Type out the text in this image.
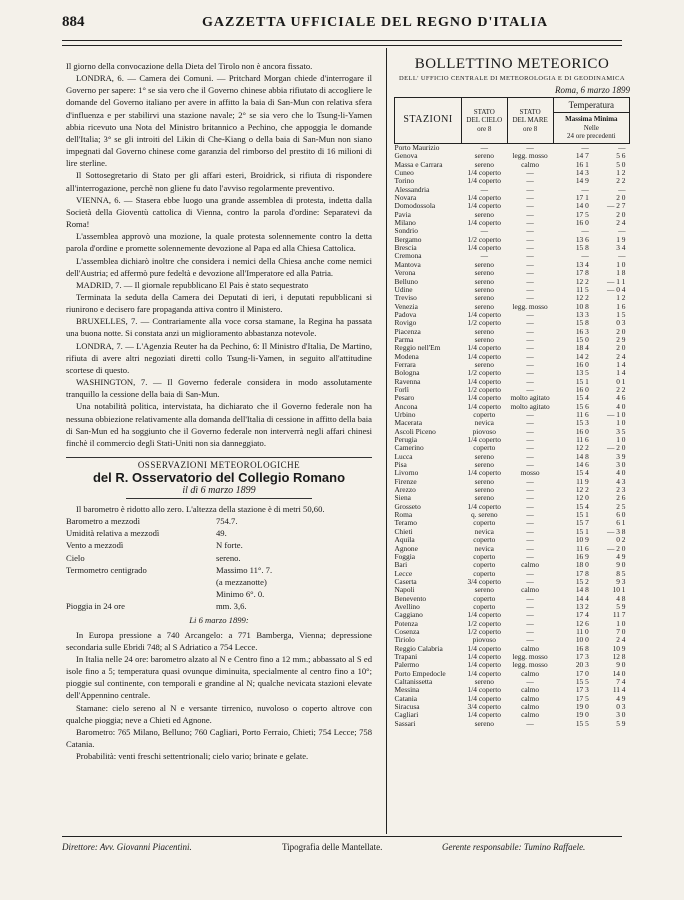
884	GAZZETTA UFFICIALE DEL REGNO D'ITALIA

Il giorno della convocazione della Dieta del Tirolo non è ancora fissato.

LONDRA, 6. — Camera dei Comuni. — Pritchard Morgan chiede d'interrogare il Governo per sapere: 1° se sia vero che il Governo chinese abbia rifiutato di accogliere le domande del Governo italiano per avere in affitto la baia di San-Mun con relativa sfera d'influenza e per stabilirvi una stazione navale; 2° se sia vero che lo Tsung-li-Yamen abbia ricevuto una Nota del Ministro britannico a Pechino, che appoggia le domande dell'Italia; 3° se gli introiti del Likin di Che-Kiang o della baia di San-Mun non siano impegnati dal Governo chinese come garanzia del rimborso del prestito di 16 milioni di lire sterline.

Il Sottosegretario di Stato per gli affari esteri, Broidrick, si rifiuta di rispondere all'interrogazione, perchè non gliene fu dato l'avviso regolarmente preventivo.

VIENNA, 6. — Stasera ebbe luogo una grande assemblea di protesta, indetta dalla Società della Gioventù cattolica di Vienna, contro la parola d'ordine: Separatevi da Roma!

L'assemblea approvò una mozione, la quale protesta solennemente contro la detta parola d'ordine e promette solennemente devozione al Papa ed alla Chiesa Cattolica.

L'assemblea dichiarò inoltre che considera i nemici della Chiesa anche come nemici dell'Austria; ed affermò pure fedeltà e devozione all'Imperatore ed alla Patria.

MADRID, 7. — Il giornale repubblicano El Pais è stato sequestrato

Terminata la seduta della Camera dei Deputati di ieri, i deputati repubblicani si riunirono e decisero fare propaganda attiva contro il Ministero.

BRUXELLES, 7. — Contrariamente alla voce corsa stamane, la Regina ha passata una buona notte. Si constata anzi un miglioramento abbastanza notevole.

LONDRA, 7. — L'Agenzia Reuter ha da Pechino, 6: Il Ministro d'Italia, De Martino, rifiuta di avere altri negoziati diretti collo Tsung-li-Yamen, in seguito all'attitudine scortese di questo.

WASHINGTON, 7. — Il Governo federale considera in modo assolutamente tranquillo la cessione della baia di San-Mun.

Una notabilità politica, intervistata, ha dichiarato che il Governo federale non ha nessuna obbiezione relativamente alla domanda dell'Italia di cessione in affitto della baia di San-Mun ed ha soggiunto che il Governo federale non interverrà negli affari chinesi finchè il commercio degli Stati-Uniti non sia danneggiato.

OSSERVAZIONI METEOROLOGICHE
del R. Osservatorio del Collegio Romano
il dì 6 marzo 1899

Il barometro è ridotto allo zero. L'altezza della stazione è di metri 50,60.

Barometro a mezzodì	754.7.
Umidità relativa a mezzodì	49.
Vento a mezzodì	N forte.
Cielo	sereno.
Termometro centigrado	Massimo 11°. 7.
(a mezzanotte)
Minimo 6°. 0.
Pioggia in 24 ore	mm. 3,6.
Li 6 marzo 1899:

In Europa pressione a 740 Arcangelo: a 771 Bamberga, Vienna; depressione secondaria sulle Ebridi 748; al S Adriatico a 754 Lecce.

In Italia nelle 24 ore: barometro alzato al N e Centro fino a 12 mm.; abbassato al S ed isole fino a 5; temperatura quasi ovunque diminuita, specialmente al centro fino a 10°; pioggie sul continente, con temporali e grandine al N; qualche nevicata stazioni elevate dell'Appennino centrale.

Stamane: cielo sereno al N e versante tirrenico, nuvoloso o coperto altrove con qualche pioggia; neve a Chieti ed Agnone.

Barometro: 765 Milano, Belluno; 760 Cagliari, Porto Ferraio, Chieti; 754 Lecce; 758 Catania.

Probabilità: venti freschi settentrionali; cielo vario; brinate e gelate.

BOLLETTINO METEORICO
DELL' UFFICIO CENTRALE DI METEOROLOGIA E DI GEODINAMICA
Roma, 6 marzo 1899
STAZIONI	STATO
DEL CIELO
ore 8	STATO
DEL MARE
ore 8	Temperatura	
			Massima Minima
Nelle
24 ore precedenti	
Porto Maurizio	—	—	—	—
Genova	sereno	legg. mosso	14 7	5 6
Massa e Carrara	sereno	calmo	16 1	5 0
Cuneo	1/4 coperto	—	14 3	1 2
Torino	1/4 coperto	—	14 9	2 2
Alessandria	—	—	—	—
Novara	1/4 coperto	—	17 1	2 0
Domodossola	1/4 coperto	—	14 0	— 2 7
Pavia	sereno	—	17 5	2 0
Milano	1/4 coperto	—	16 0	2 4
Sondrio	—	—	—	—
Bergamo	1/2 coperto	—	13 6	1 9
Brescia	1/4 coperto	—	15 8	3 4
Cremona	—	—	—	—
Mantova	sereno	—	13 4	1 0
Verona	sereno	—	17 8	1 8
Belluno	sereno	—	12 2	— 1 1
Udine	sereno	—	11 5	— 0 4
Treviso	sereno	—	12 2	1 2
Venezia	sereno	legg. mosso	10 8	1 6
Padova	1/4 coperto	—	13 3	1 5
Rovigo	1/2 coperto	—	15 8	0 3
Piacenza	sereno	—	16 3	2 0
Parma	sereno	—	15 0	2 9
Reggio nell'Em	1/4 coperto	—	18 4	2 0
Modena	1/4 coperto	—	14 2	2 4
Ferrara	sereno	—	16 0	1 4
Bologna	1/2 coperto	—	13 5	1 4
Ravenna	1/4 coperto	—	15 1	0 1
Forlì	1/2 coperto	—	16 0	2 2
Pesaro	1/4 coperto	molto agitato	15 4	4 6
Ancona	1/4 coperto	molto agitato	15 6	4 0
Urbino	coperto	—	11 6	— 1 0
Macerata	nevica	—	15 3	1 0
Ascoli Piceno	piovoso	—	16 0	3 5
Perugia	1/4 coperto	—	11 6	1 0
Camerino	coperto	—	12 2	— 2 0
Lucca	sereno	—	14 8	3 9
Pisa	sereno	—	14 6	3 0
Livorno	1/4 coperto	mosso	15 4	4 0
Firenze	sereno	—	11 9	4 3
Arezzo	sereno	—	12 2	2 3
Siena	sereno	—	12 0	2 6
Grosseto	1/4 coperto	—	15 4	2 5
Roma	q. sereno	—	15 1	6 0
Teramo	coperto	—	15 7	6 1
Chieti	nevica	—	15 1	— 3 8
Aquila	coperto	—	10 9	0 2
Agnone	nevica	—	11 6	— 2 0
Foggia	coperto	—	16 9	4 9
Bari	coperto	calmo	18 0	9 0
Lecce	coperto	—	17 8	8 5
Caserta	3/4 coperto	—	15 2	9 3
Napoli	sereno	calmo	14 8	10 1
Benevento	coperto	—	14 4	4 8
Avellino	coperto	—	13 2	5 9
Caggiano	1/4 coperto	—	17 4	11 7
Potenza	1/2 coperto	—	12 6	1 0
Cosenza	1/2 coperto	—	11 0	7 0
Tiriolo	piovoso	—	10 0	2 4
Reggio Calabria	1/4 coperto	calmo	16 8	10 9
Trapani	1/4 coperto	legg. mosso	17 3	12 8
Palermo	1/4 coperto	legg. mosso	20 3	9 0
Porto Empedocle	1/4 coperto	calmo	17 0	14 0
Caltanissetta	sereno	—	15 5	7 4
Messina	1/4 coperto	calmo	17 3	11 4
Catania	1/4 coperto	calmo	17 5	4 9
Siracusa	3/4 coperto	calmo	19 0	0 3
Cagliari	1/4 coperto	calmo	19 0	3 0
Sassari	sereno	—	15 5	5 9
Direttore: Avv. Giovanni Piacentini.	Tipografia delle Mantellate.	Gerente responsabile: Tumino Raffaele.
